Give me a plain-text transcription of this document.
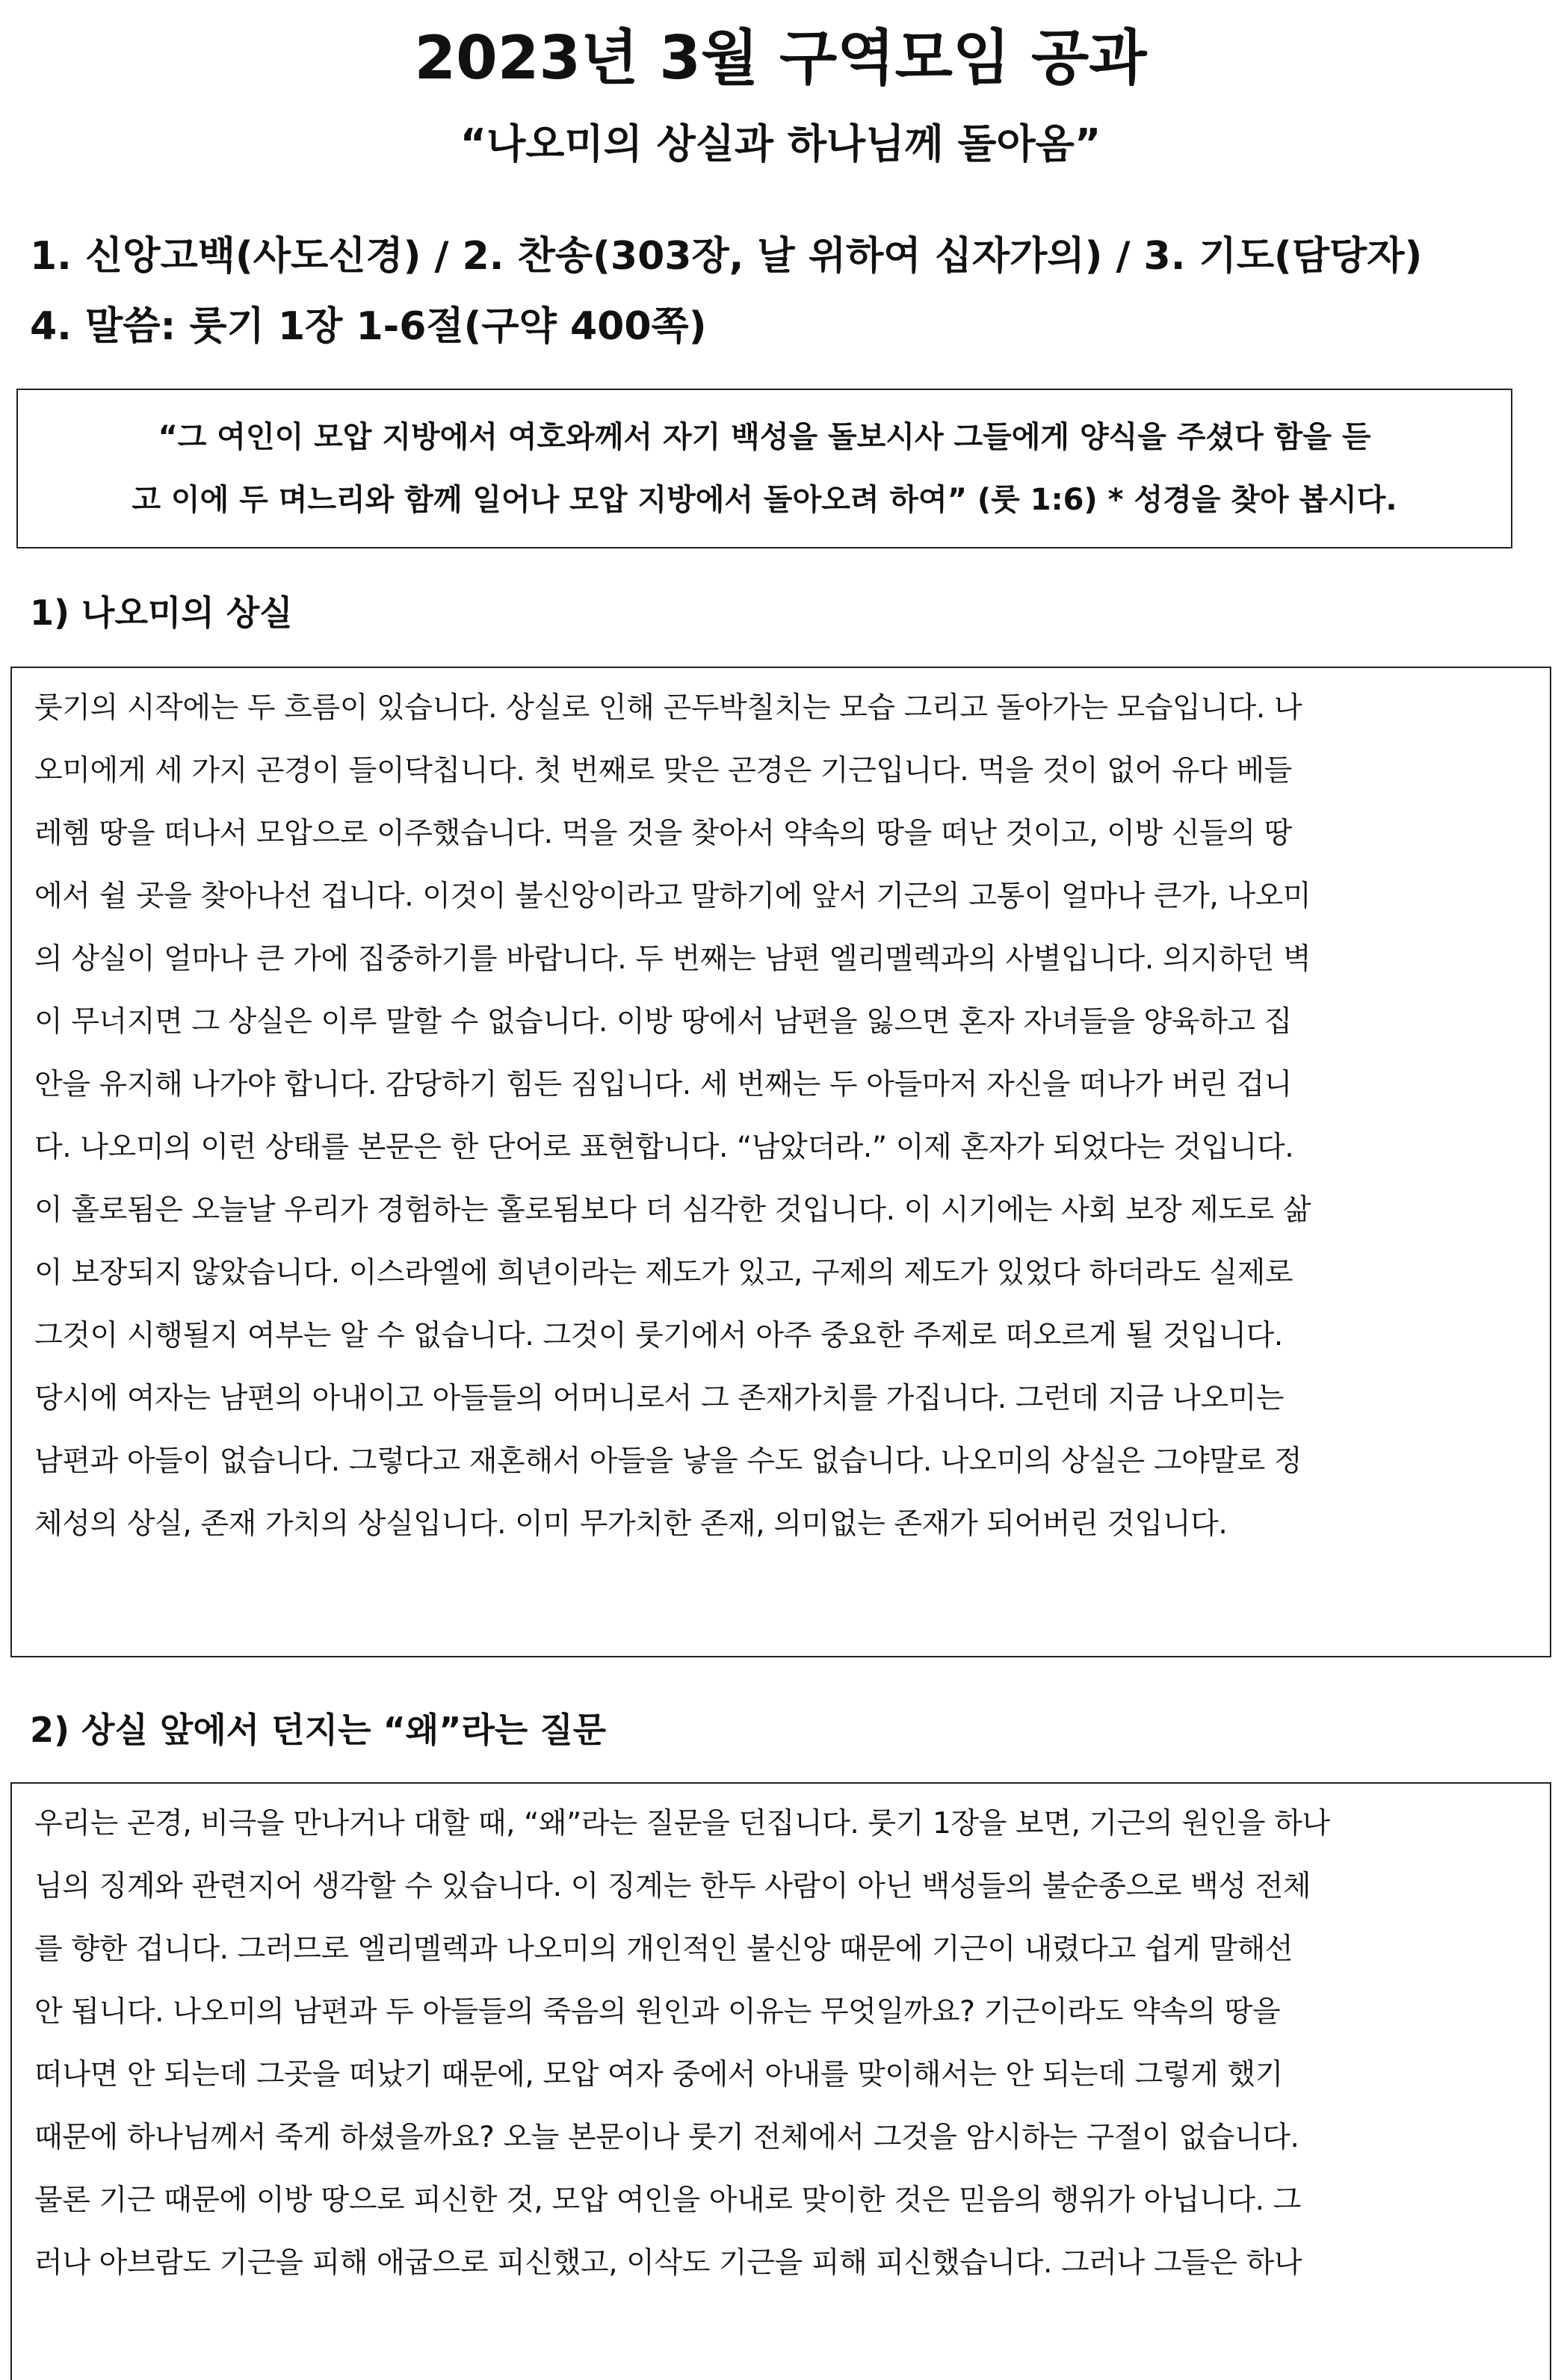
2023년 3월 구역모임 공과
“나오미의 상실과 하나님께 돌아옴”
1. 신앙고백(사도신경) / 2. 찬송(303장, 날 위하여 십자가의) / 3. 기도(담당자)
4. 말씀: 룻기 1장 1-6절(구약 400쪽)
“그 여인이 모압 지방에서 여호와께서 자기 백성을 돌보시사 그들에게 양식을 주셨다 함을 듣
고 이에 두 며느리와 함께 일어나 모압 지방에서 돌아오려 하여” (룻 1:6) * 성경을 찾아 봅시다.
1) 나오미의 상실
룻기의 시작에는 두 흐름이 있습니다. 상실로 인해 곤두박칠치는 모습 그리고 돌아가는 모습입니다. 나
오미에게 세 가지 곤경이 들이닥칩니다. 첫 번째로 맞은 곤경은 기근입니다. 먹을 것이 없어 유다 베들
레헴 땅을 떠나서 모압으로 이주했습니다. 먹을 것을 찾아서 약속의 땅을 떠난 것이고, 이방 신들의 땅
에서 쉴 곳을 찾아나선 겁니다. 이것이 불신앙이라고 말하기에 앞서 기근의 고통이 얼마나 큰가, 나오미
의 상실이 얼마나 큰 가에 집중하기를 바랍니다. 두 번째는 남편 엘리멜렉과의 사별입니다. 의지하던 벽
이 무너지면 그 상실은 이루 말할 수 없습니다. 이방 땅에서 남편을 잃으면 혼자 자녀들을 양육하고 집
안을 유지해 나가야 합니다. 감당하기 힘든 짐입니다. 세 번째는 두 아들마저 자신을 떠나가 버린 겁니
다. 나오미의 이런 상태를 본문은 한 단어로 표현합니다. “남았더라.” 이제 혼자가 되었다는 것입니다.
이 홀로됨은 오늘날 우리가 경험하는 홀로됨보다 더 심각한 것입니다. 이 시기에는 사회 보장 제도로 삶
이 보장되지 않았습니다. 이스라엘에 희년이라는 제도가 있고, 구제의 제도가 있었다 하더라도 실제로
그것이 시행될지 여부는 알 수 없습니다. 그것이 룻기에서 아주 중요한 주제로 떠오르게 될 것입니다.
당시에 여자는 남편의 아내이고 아들들의 어머니로서 그 존재가치를 가집니다. 그런데 지금 나오미는
남편과 아들이 없습니다. 그렇다고 재혼해서 아들을 낳을 수도 없습니다. 나오미의 상실은 그야말로 정
체성의 상실, 존재 가치의 상실입니다. 이미 무가치한 존재, 의미없는 존재가 되어버린 것입니다.
2) 상실 앞에서 던지는 “왜”라는 질문
우리는 곤경, 비극을 만나거나 대할 때, “왜”라는 질문을 던집니다. 룻기 1장을 보면, 기근의 원인을 하나
님의 징계와 관련지어 생각할 수 있습니다. 이 징계는 한두 사람이 아닌 백성들의 불순종으로 백성 전체
를 향한 겁니다. 그러므로 엘리멜렉과 나오미의 개인적인 불신앙 때문에 기근이 내렸다고 쉽게 말해선
안 됩니다. 나오미의 남편과 두 아들들의 죽음의 원인과 이유는 무엇일까요? 기근이라도 약속의 땅을
떠나면 안 되는데 그곳을 떠났기 때문에, 모압 여자 중에서 아내를 맞이해서는 안 되는데 그렇게 했기
때문에 하나님께서 죽게 하셨을까요? 오늘 본문이나 룻기 전체에서 그것을 암시하는 구절이 없습니다.
물론 기근 때문에 이방 땅으로 피신한 것, 모압 여인을 아내로 맞이한 것은 믿음의 행위가 아닙니다. 그
러나 아브람도 기근을 피해 애굽으로 피신했고, 이삭도 기근을 피해 피신했습니다. 그러나 그들은 하나
